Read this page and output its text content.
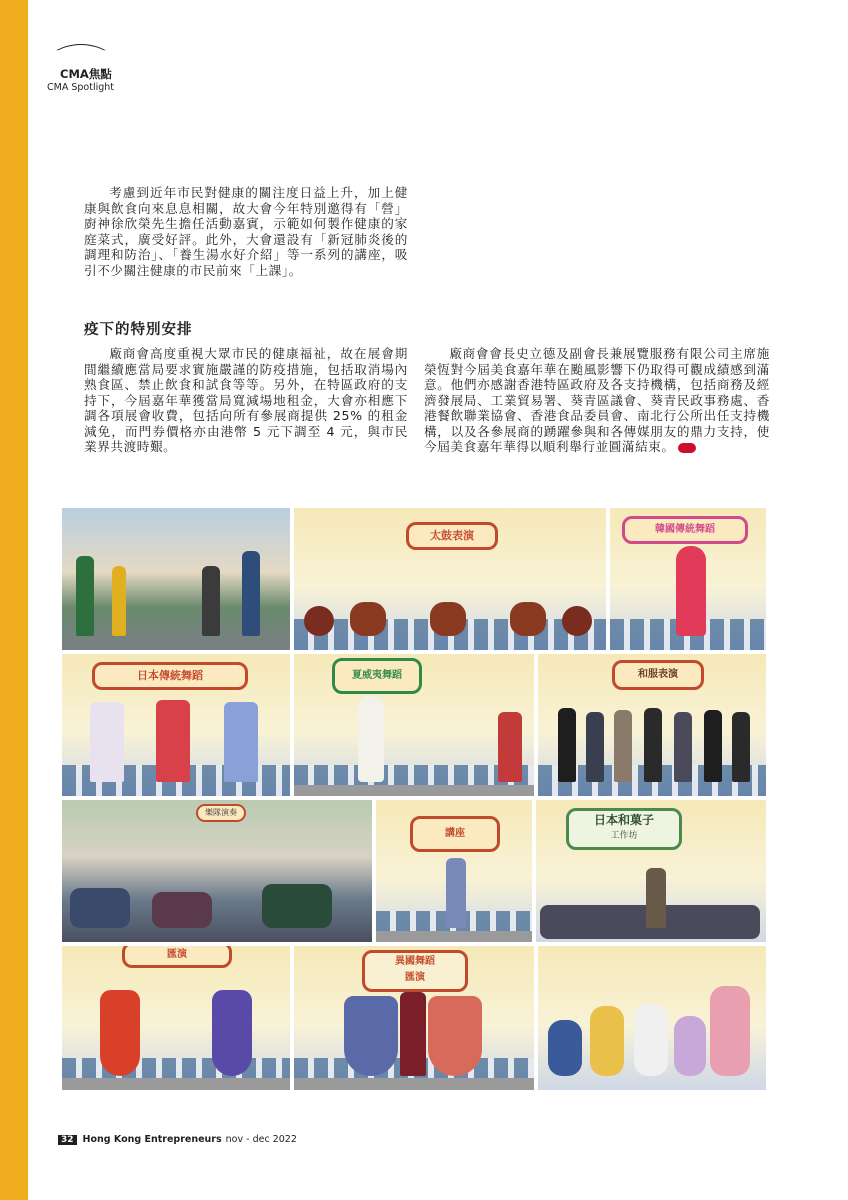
CMA焦點
CMA Spotlight

考慮到近年市民對健康的關注度日益上升，加上健康與飲食向來息息相關，故大會今年特別邀得有「營」廚神徐欣榮先生擔任活動嘉賓，示範如何製作健康的家庭菜式，廣受好評。此外，大會還設有「新冠肺炎後的調理和防治」、「養生湯水好介紹」等一系列的講座，吸引不少關注健康的市民前來「上課」。

疫下的特別安排

廠商會高度重視大眾市民的健康福祉，故在展會期間繼續應當局要求實施嚴謹的防疫措施，包括取消場內熟食區、禁止飲食和試食等等。另外，在特區政府的支持下，今屆嘉年華獲當局寬減場地租金，大會亦相應下調各項展會收費，包括向所有參展商提供 25% 的租金減免，而門券價格亦由港幣 5 元下調至 4 元，與市民業界共渡時艱。

廠商會會長史立德及副會長兼展覽服務有限公司主席施榮恆對今屆美食嘉年華在颱風影響下仍取得可觀成績感到滿意。他們亦感謝香港特區政府及各支持機構，包括商務及經濟發展局、工業貿易署、葵青區議會、葵青民政事務處、香港餐飲聯業協會、香港食品委員會、南北行公所出任支持機構，以及各參展商的踴躍參與和各傳媒朋友的鼎力支持，使今屆美食嘉年華得以順利舉行並圓滿結束。	廠商

太鼓表演	韓國傳統舞蹈
日本傳統舞蹈	夏威夷舞蹈	和服表演
樂隊演奏
講座
日本和菓子
工作坊
匯演
異國舞蹈
匯演
32 Hong Kong Entrepreneurs nov - dec 2022
